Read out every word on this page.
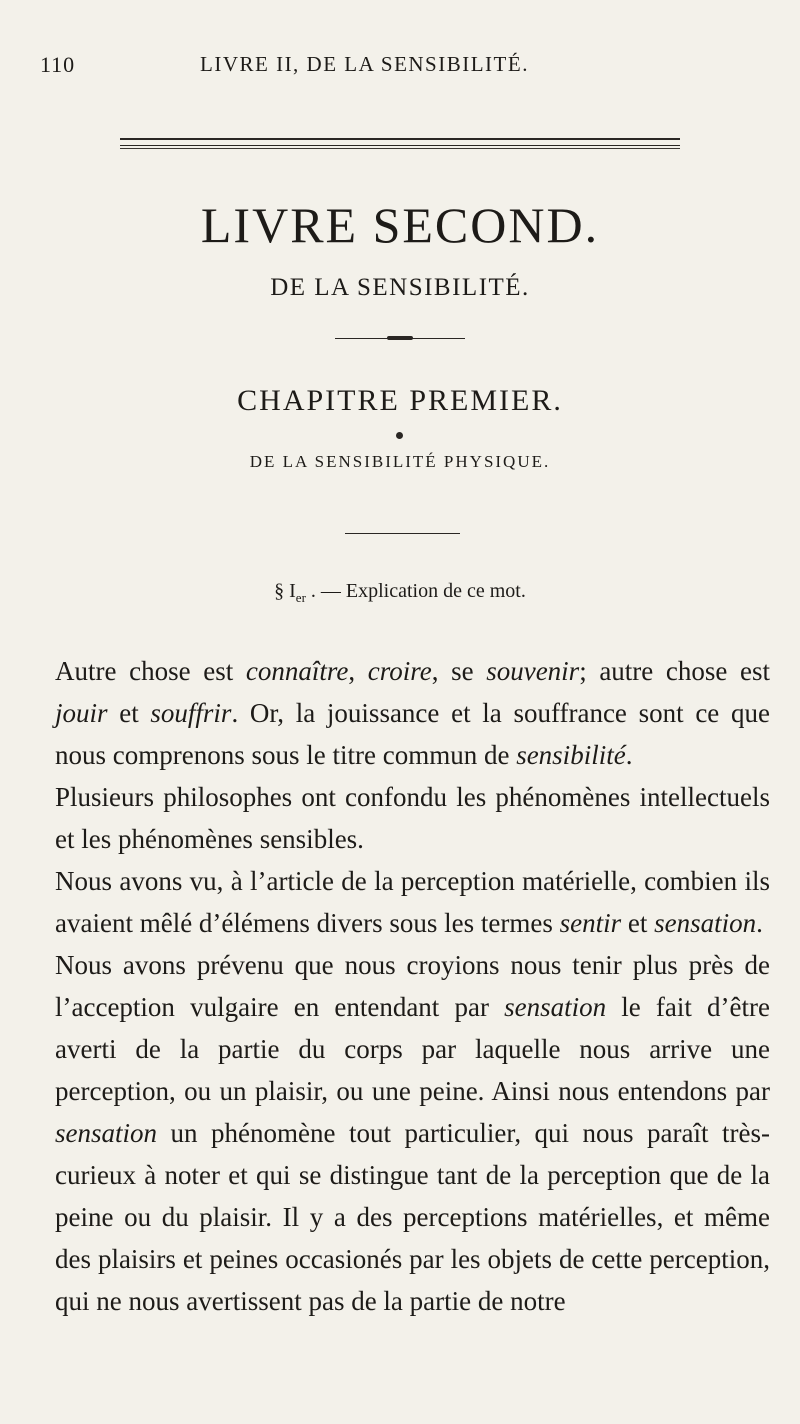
110	LIVRE II, DE LA SENSIBILITÉ.
LIVRE SECOND.
DE LA SENSIBILITÉ.
CHAPITRE PREMIER.
DE LA SENSIBILITÉ PHYSIQUE.
§ $I_{er}$ . — Explication de ce mot.

Autre chose est connaître, croire, se souvenir; autre chose est jouir et souffrir. Or, la jouissance et la souffrance sont ce que nous comprenons sous le titre commun de sensibilité.

Plusieurs philosophes ont confondu les phénomènes intellectuels et les phénomènes sensibles.

Nous avons vu, à l’article de la perception matérielle, combien ils avaient mêlé d’élémens divers sous les termes sentir et sensation.

Nous avons prévenu que nous croyions nous tenir plus près de l’acception vulgaire en entendant par sensation le fait d’être averti de la partie du corps par laquelle nous arrive une perception, ou un plaisir, ou une peine. Ainsi nous entendons par sensation un phénomène tout particulier, qui nous paraît très-curieux à noter et qui se distingue tant de la perception que de la peine ou du plaisir. Il y a des perceptions matérielles, et même des plaisirs et peines occasionés par les objets de cette perception, qui ne nous avertissent pas de la partie de notre
